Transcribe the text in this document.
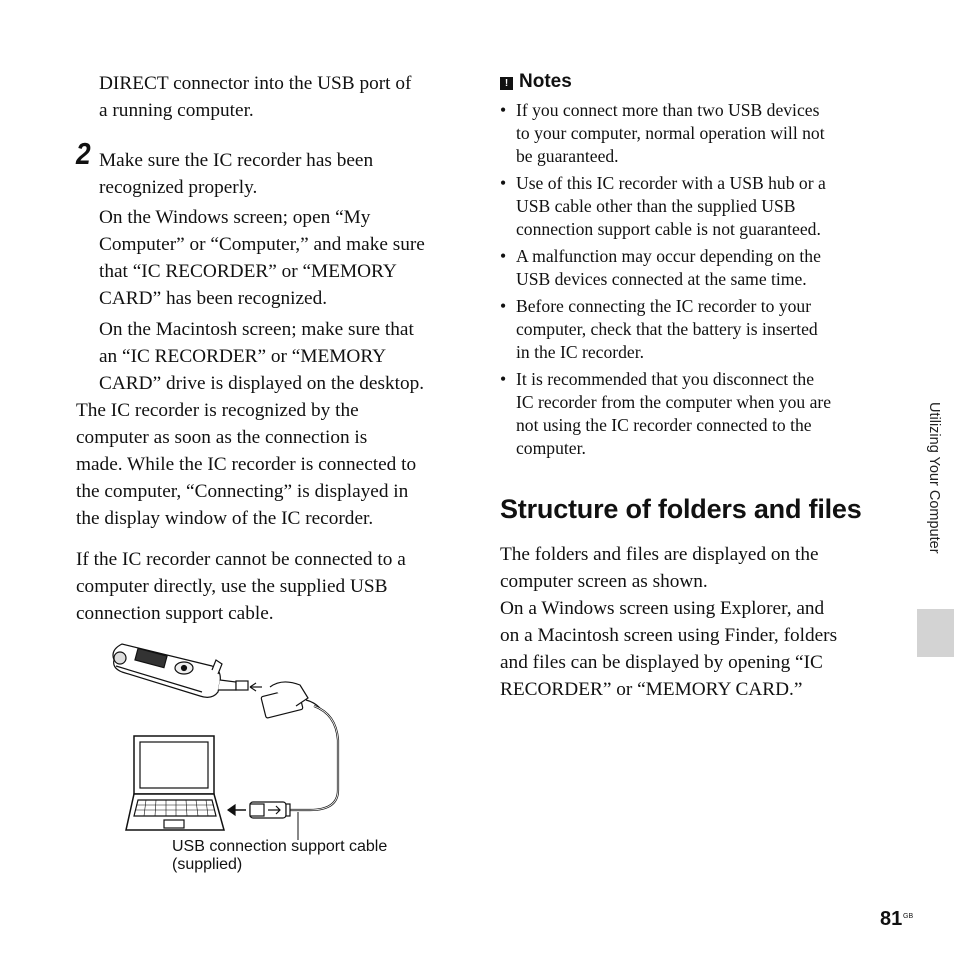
DIRECT connector into the USB port of
a running computer.
2 Make sure the IC recorder has been
recognized properly.
On the Windows screen; open “My
Computer” or “Computer,” and make sure
that “IC RECORDER” or “MEMORY
CARD” has been recognized.
On the Macintosh screen; make sure that
an “IC RECORDER” or “MEMORY
CARD” drive is displayed on the desktop.
The IC recorder is recognized by the
computer as soon as the connection is
made. While the IC recorder is connected to
the computer, “Connecting” is displayed in
the display window of the IC recorder.
If the IC recorder cannot be connected to a
computer directly, use the supplied USB
connection support cable.
USB connection support cable
(supplied)
! Notes
• If you connect more than two USB devices
to your computer, normal operation will not
be guaranteed.
• Use of this IC recorder with a USB hub or a
USB cable other than the supplied USB
connection support cable is not guaranteed.
• A malfunction may occur depending on the
USB devices connected at the same time.
• Before connecting the IC recorder to your
computer, check that the battery is inserted
in the IC recorder.
• It is recommended that you disconnect the
IC recorder from the computer when you are
not using the IC recorder connected to the
computer.
Structure of folders and files
The folders and files are displayed on the
computer screen as shown.
On a Windows screen using Explorer, and
on a Macintosh screen using Finder, folders
and files can be displayed by opening “IC
RECORDER” or “MEMORY CARD.”
Utilizing Your Computer
81 GB
